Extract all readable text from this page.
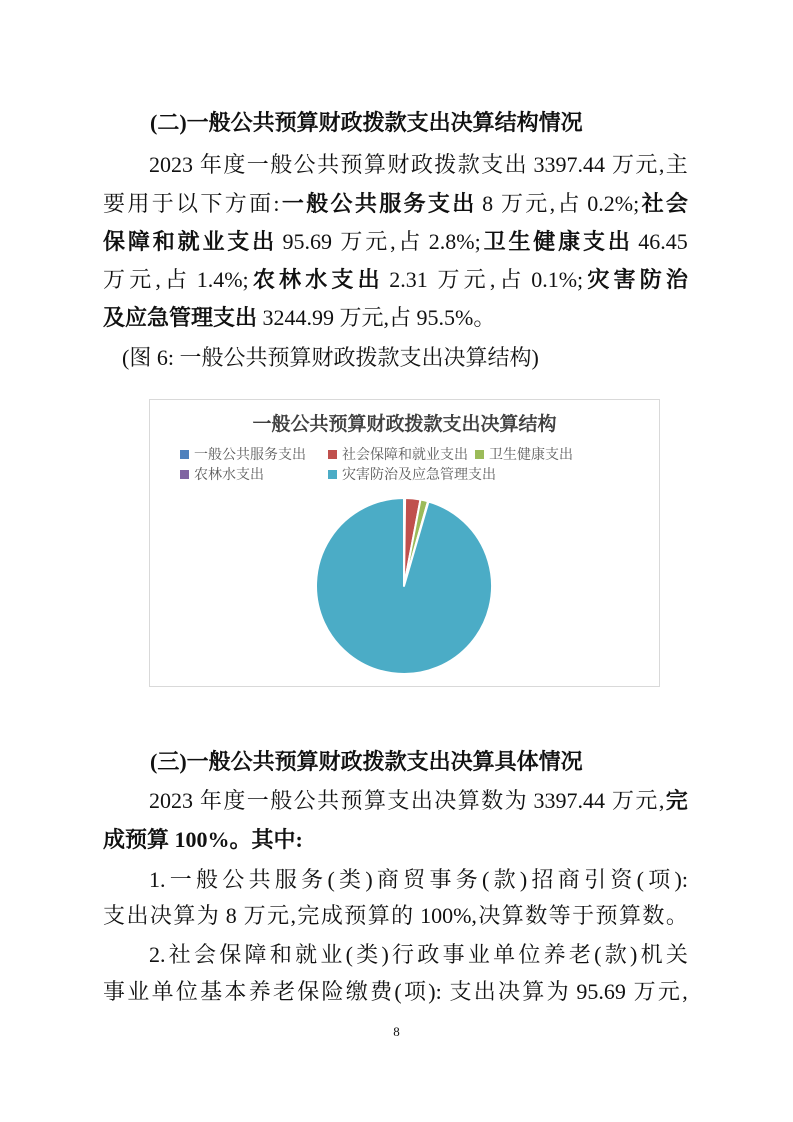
(二)一般公共预算财政拨款支出决算结构情况
2023 年 度 一 般 公 共 预 算 财 政 拨 款 支 出 3397.44 万 元 , 主
要 用 于 以 下 方 面 : 一 般 公 共 服 务 支 出 8 万 元 , 占 0.2%; 社 会
保 障 和 就 业 支 出 95.69 万 元 , 占 2.8%; 卫 生 健 康 支 出 46.45
万 元 , 占 1.4%; 农 林 水 支 出 2.31 万 元 , 占 0.1%; 灾 害 防 治
及应急管理支出 3244.99 万元,占 95.5%。
(图 6: 一般公共预算财政拨款支出决算结构)
一般公共预算财政拨款支出决算结构
一般公共服务支出	社会保障和就业支出 卫生健康支出
农林水支出	灾害防治及应急管理支出
(三)一般公共预算财政拨款支出决算具体情况
2023 年 度 一 般 公 共 预 算 支 出 决 算 数 为 3397.44 万 元 , 完
成预算 100%。其中:
1. 一 般 公 共 服 务 ( 类 ) 商 贸 事 务 ( 款 ) 招 商 引 资 ( 项 ):
支 出 决 算 为 8 万 元 , 完 成 预 算 的 100%, 决 算 数 等 于 预 算 数 。
2. 社 会 保 障 和 就 业 ( 类 ) 行 政 事 业 单 位 养 老 ( 款 ) 机 关
事 业 单 位 基 本 养 老 保 险 缴 费 ( 项 ): 支 出 决 算 为 95.69 万 元 ,
8
